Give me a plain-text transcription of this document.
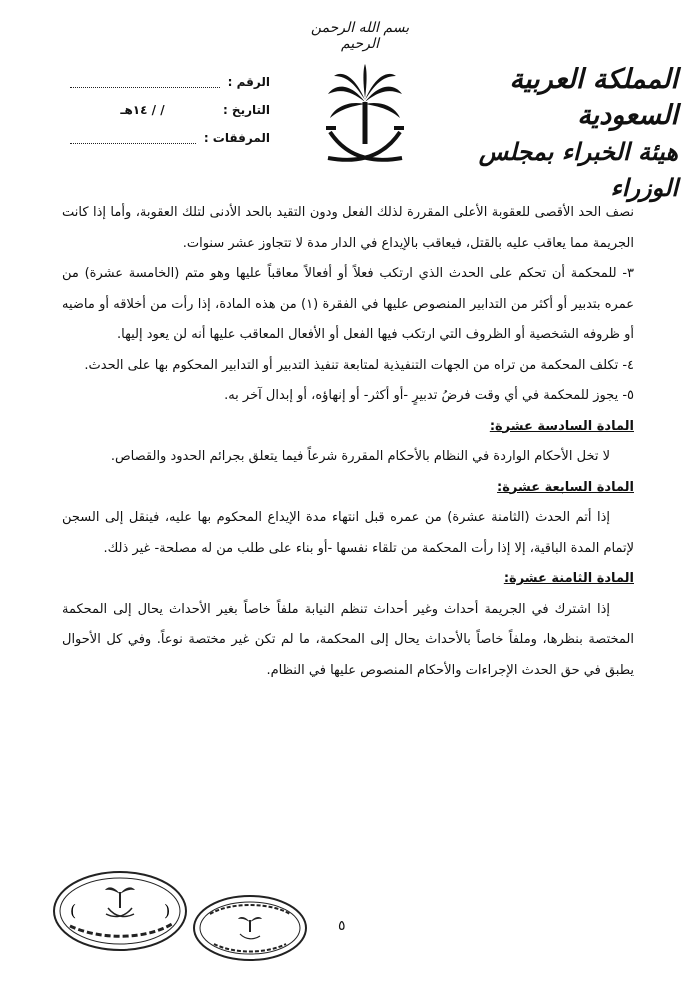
بسم الله الرحمن الرحيم
المملكة العربية السعودية
هيئة الخبراء بمجلس الوزراء
الرقم :
التاريخ :
/ / ١٤هـ
المرفقات :

نصف الحد الأقصى للعقوبة الأعلى المقررة لذلك الفعل ودون التقيد بالحد الأدنى لتلك العقوبة، وأما إذا كانت الجريمة مما يعاقب عليه بالقتل، فيعاقب بالإيداع في الدار مدة لا تتجاوز عشر سنوات.

٣- للمحكمة أن تحكم على الحدث الذي ارتكب فعلاً أو أفعالاً معاقباً عليها وهو متم (الخامسة عشرة) من عمره بتدبير أو أكثر من التدابير المنصوص عليها في الفقرة (١) من هذه المادة، إذا رأت من أخلاقه أو ماضيه أو ظروفه الشخصية أو الظروف التي ارتكب فيها الفعل أو الأفعال المعاقب عليها أنه لن يعود إليها.

٤- تكلف المحكمة من تراه من الجهات التنفيذية لمتابعة تنفيذ التدبير أو التدابير المحكوم بها على الحدث.

٥- يجوز للمحكمة في أي وقت فرضُ تدبيرٍ -أو أكثر- أو إنهاؤه، أو إبدال آخر به.

المادة السادسة عشرة:

لا تخل الأحكام الواردة في النظام بالأحكام المقررة شرعاً فيما يتعلق بجرائم الحدود والقصاص.

المادة السابعة عشرة:

إذا أتم الحدث (الثامنة عشرة) من عمره قبل انتهاء مدة الإيداع المحكوم بها عليه، فينقل إلى السجن لإتمام المدة الباقية، إلا إذا رأت المحكمة من تلقاء نفسها -أو بناء على طلب من له مصلحة- غير ذلك.

المادة الثامنة عشرة:

إذا اشترك في الجريمة أحداث وغير أحداث تنظم النيابة ملفاً خاصاً بغير الأحداث يحال إلى المحكمة المختصة بنظرها، وملفاً خاصاً بالأحداث يحال إلى المحكمة، ما لم تكن غير مختصة نوعاً. وفي كل الأحوال يطبق في حق الحدث الإجراءات والأحكام المنصوص عليها في النظام.

(	)
٥
